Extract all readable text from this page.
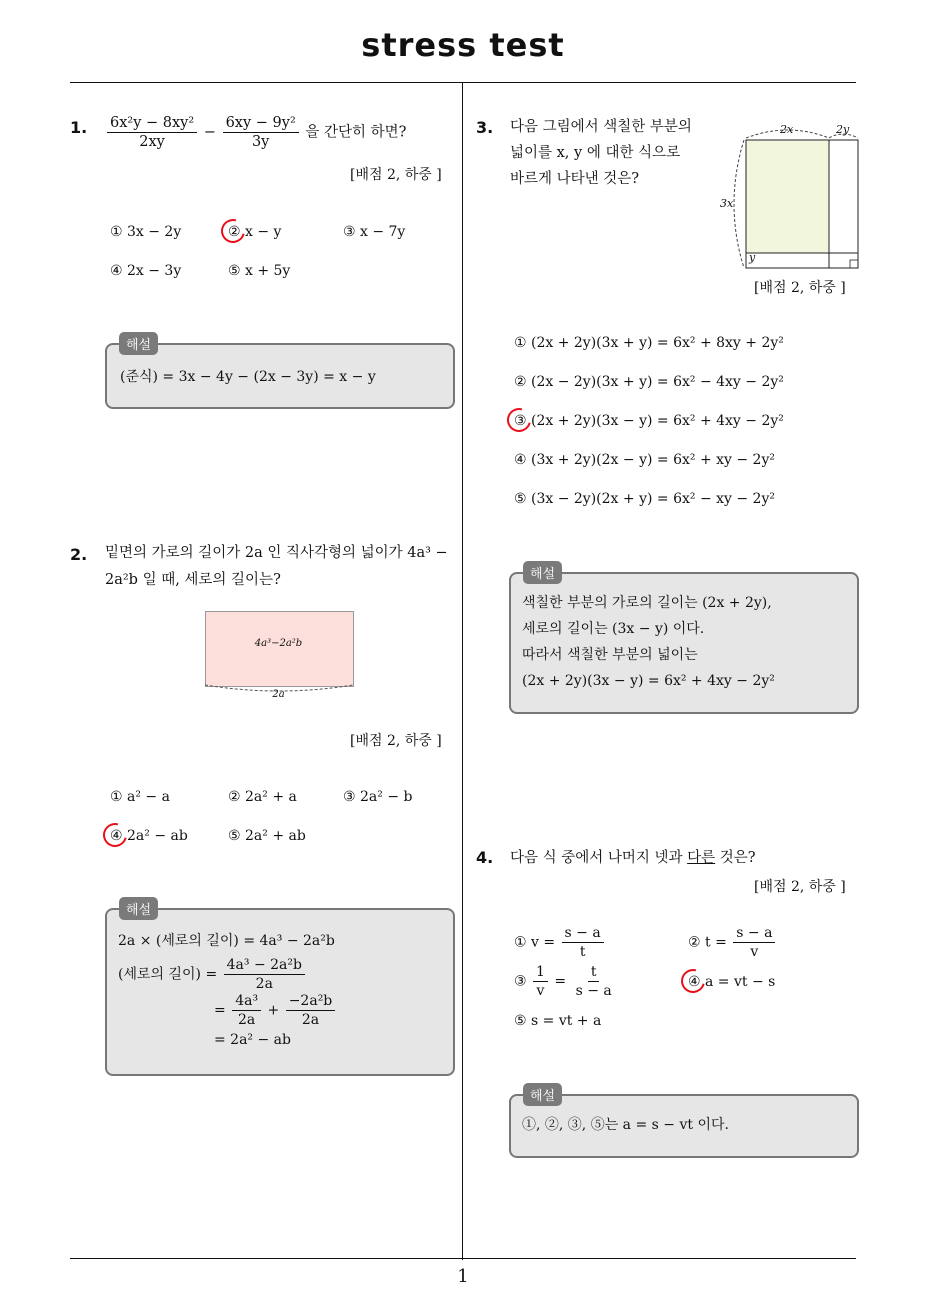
stress test
1
1. $\frac{\text{6x²y − 8xy²}}{2xy} - \frac{\text{6xy − 9y²}}{3y}$ 을 간단히 하면?
[배점 2, 하중 ]
① 3x − 2y	② x − y	③ x − 7y
④ 2x − 3y	⑤ x + 5y
해설
(준식) = 3x − 4y − (2x − 3y) = x − y
2. 밑면의 가로의 길이가 2a 인 직사각형의 넓이가 4a³ −
2a²b 일 때, 세로의 길이는?
4a³−2a²b
2a
[배점 2, 하중 ]
① a² − a	② 2a² + a	③ 2a² − b
④ 2a² − ab	⑤ 2a² + ab
해설
2a × (세로의 길이) = 4a³ − 2a²b
(세로의 길이) = $\frac{\text{4a³ − 2a²b}}{2a}$
= $\frac{\text{4a³}}{2a} + \frac{\text{−2a²b}}{2a}$
= 2a² − ab
3. 다음 그림에서 색칠한 부분의
넓이를 x, y 에 대한 식으로
바르게 나타낸 것은?
2x	2y
3x
y
[배점 2, 하중 ]
① (2x + 2y)(3x + y) = 6x² + 8xy + 2y²
② (2x − 2y)(3x + y) = 6x² − 4xy − 2y²
③ (2x + 2y)(3x − y) = 6x² + 4xy − 2y²
④ (3x + 2y)(2x − y) = 6x² + xy − 2y²
⑤ (3x − 2y)(2x + y) = 6x² − xy − 2y²
해설
색칠한 부분의 가로의 길이는 (2x + 2y),
세로의 길이는 (3x − y) 이다.
따라서 색칠한 부분의 넓이는
(2x + 2y)(3x − y) = 6x² + 4xy − 2y²
4. 다음 식 중에서 나머지 넷과 다른 것은?
[배점 2, 하중 ]
① $v = \frac{s - a}{t}$	② $t = \frac{s - a}{v}$
③ $\frac{1}{v} = \frac{t}{s - a}$	④ a = vt − s
⑤ s = vt + a
해설
①, ②, ③, ⑤는 a = s − vt 이다.
